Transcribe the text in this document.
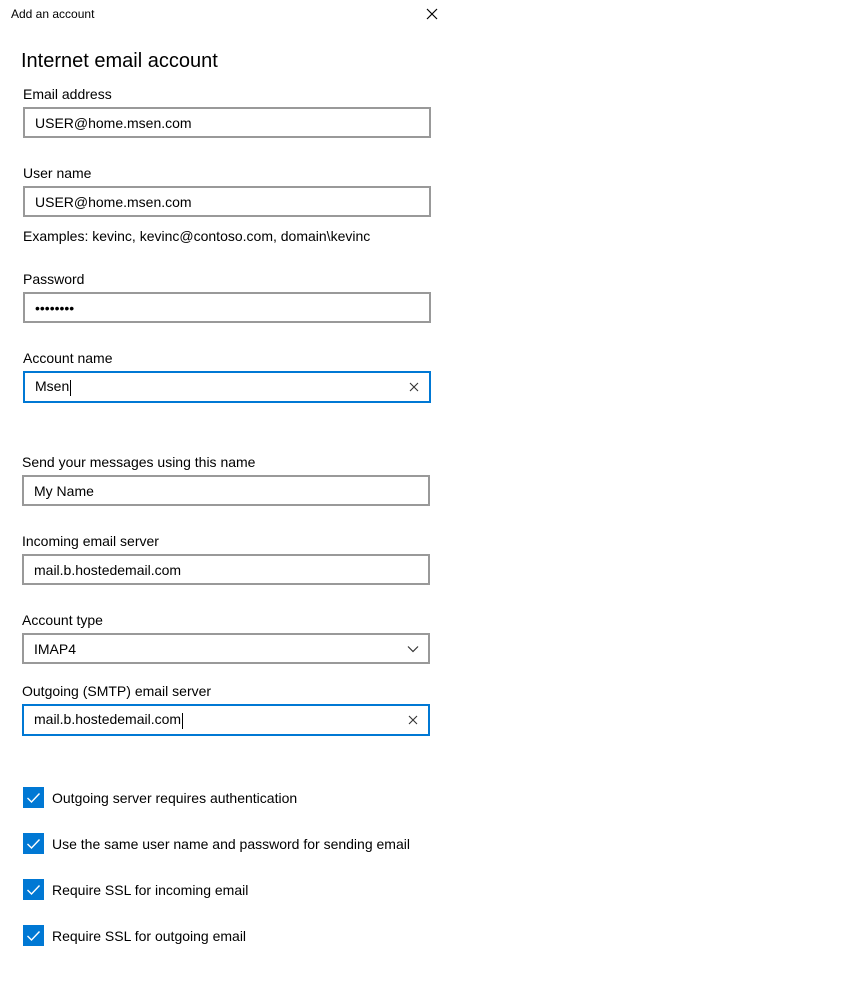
Add an account
Internet email account
Email address
USER@home.msen.com
User name
USER@home.msen.com
Examples: kevinc, kevinc@contoso.com, domain\kevinc
Password
••••••••
Account name
Msen
Send your messages using this name
My Name
Incoming email server
mail.b.hostedemail.com
Account type
IMAP4
Outgoing (SMTP) email server
mail.b.hostedemail.com
Outgoing server requires authentication
Use the same user name and password for sending email
Require SSL for incoming email
Require SSL for outgoing email
